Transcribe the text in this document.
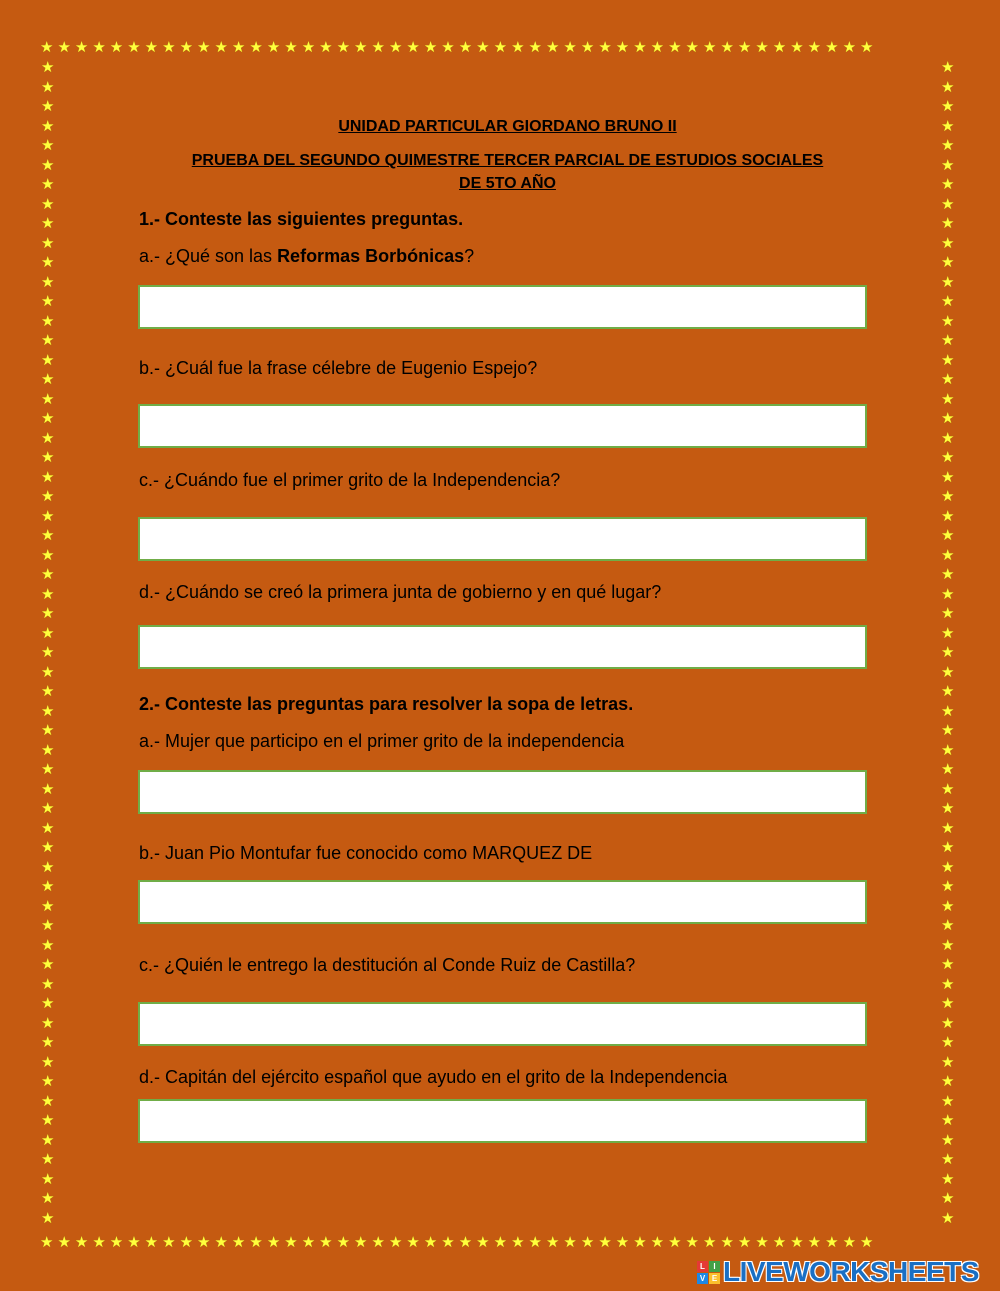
★★★★★★★★★★★★★★★★★★★★★★★★★★★★★★★★★★★★★★★★★★★★★★★★
★★★★★★★★★★★★★★★★★★★★★★★★★★★★★★★★★★★★★★★★★★★★★★★★
★★★★★★★★★★★★★★★★★★★★★★★★★★★★★★★★★★★★★★★★★★★★★★★★★★★★★★★★★★★★
★★★★★★★★★★★★★★★★★★★★★★★★★★★★★★★★★★★★★★★★★★★★★★★★★★★★★★★★★★★★
UNIDAD PARTICULAR GIORDANO BRUNO II
PRUEBA DEL SEGUNDO QUIMESTRE TERCER PARCIAL DE ESTUDIOS SOCIALES
DE 5TO AÑO
1.- Conteste las siguientes preguntas.
a.- ¿Qué son las Reformas Borbónicas?
b.- ¿Cuál fue la frase célebre de Eugenio Espejo?
c.- ¿Cuándo fue el primer grito de la Independencia?
d.- ¿Cuándo se creó la primera junta de gobierno y en qué lugar?
2.- Conteste las preguntas para resolver la sopa de letras.
a.- Mujer que participo en el primer grito de la independencia
b.- Juan Pio Montufar fue conocido como MARQUEZ DE
c.- ¿Quién le entrego la destitución al Conde Ruiz de Castilla?
d.- Capitán del ejército español que ayudo en el grito de la Independencia
L	I
V E LIVEWORKSHEETS
